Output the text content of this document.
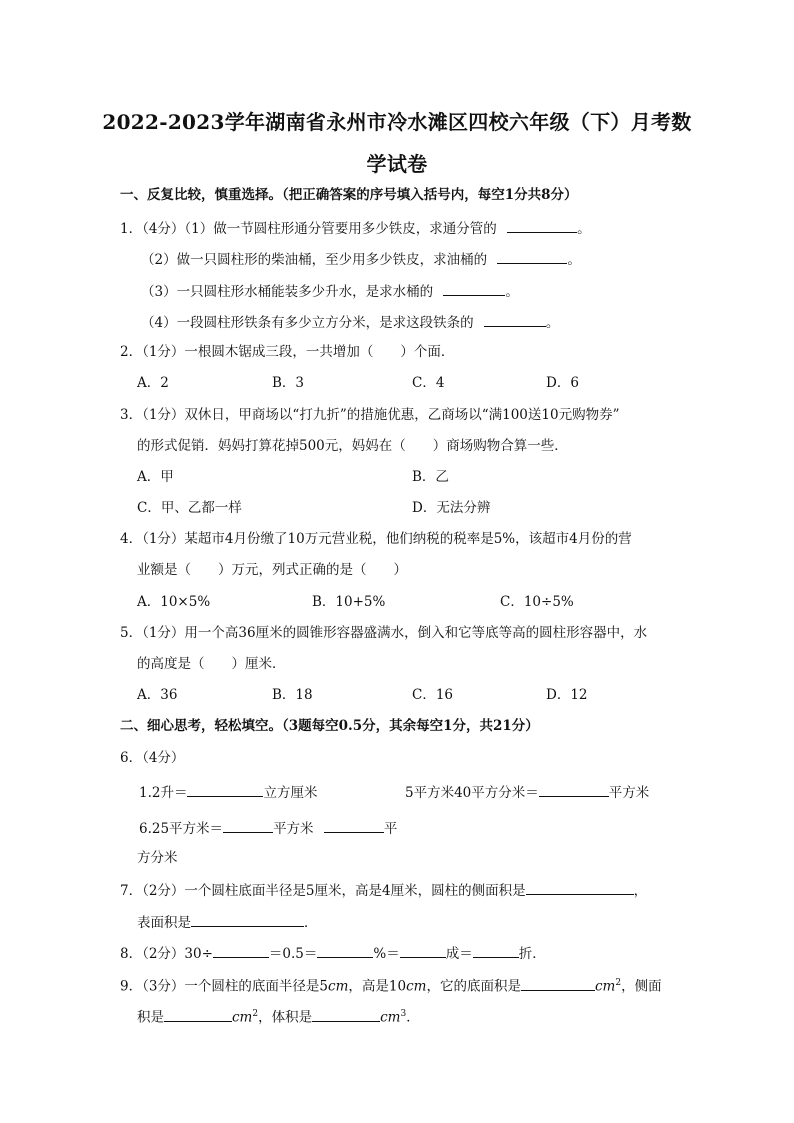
2022-2023学年湖南省永州市冷水滩区四校六年级（下）月考数
学试卷
一、反复比较，慎重选择。（把正确答案的序号填入括号内，每空1分共8分）
1．（4分）（1）做一节圆柱形通分管要用多少铁皮，求通分管的	。
（2）做一只圆柱形的柴油桶，至少用多少铁皮，求油桶的	。
（3）一只圆柱形水桶能装多少升水，是求水桶的	。
（4）一段圆柱形铁条有多少立方分米，是求这段铁条的	。
2．（1分）一根圆木锯成三段，一共增加（　　）个面．
A．2	B．3	C．4	D．6
3．（1分）双休日，甲商场以“打九折”的措施优惠，乙商场以“满100送10元购物券”
的形式促销．妈妈打算花掉500元，妈妈在（　　）商场购物合算一些．
A．甲	B．乙
C．甲、乙都一样	D．无法分辨
4．（1分）某超市4月份缴了10万元营业税，他们纳税的税率是5%，该超市4月份的营
业额是（　　）万元，列式正确的是（　　）
A．10×5%	B．10+5%	C．10÷5%
5．（1分）用一个高36厘米的圆锥形容器盛满水，倒入和它等底等高的圆柱形容器中，水
的高度是（　　）厘米．
A．36	B．18	C．16	D．12
二、细心思考，轻松填空。（3题每空0.5分，其余每空1分，共21分）
6．（4分）
1.2升＝	立方厘米	5平方米40平方分米＝	平方米
6.25平方米＝	平方米	平
方分米
7．（2分）一个圆柱底面半径是5厘米，高是4厘米，圆柱的侧面积是	，
表面积是	．
8．（2分）30÷	＝0.5＝	%＝	成＝	折．
9．（3分）一个圆柱的底面半径是5cm，高是10cm，它的底面积是	$cm^2$，侧面
积是	$cm^2$，体积是	$cm^3$．
